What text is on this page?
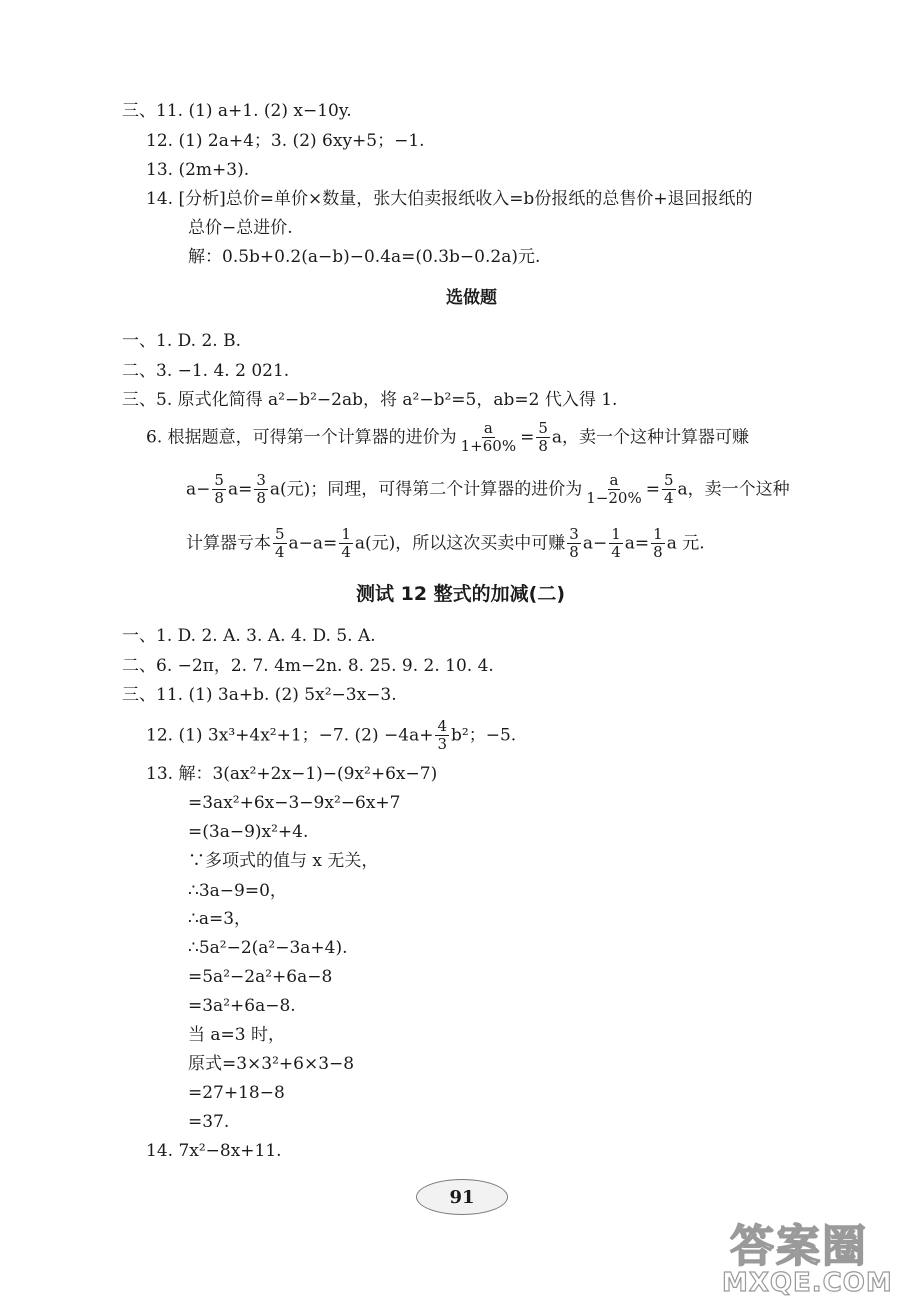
三、11. (1) a+1. (2) x−10y.
12. (1) 2a+4；3. (2) 6xy+5；−1.
13. (2m+3).
14. [分析]总价=单价×数量，张大伯卖报纸收入=b份报纸的总售价+退回报纸的
总价−总进价.
解：0.5b+0.2(a−b)−0.4a=(0.3b−0.2a)元.
选做题
一、1. D. 2. B.
二、3. −1. 4. 2 021.
三、5. 原式化简得 a²−b²−2ab，将 a²−b²=5，ab=2 代入得 1.
6. 根据题意，可得第一个计算器的进价为 $\frac{a}{1+60\%} = \frac{5}{8}$ a，卖一个这种计算器可赚
$a- \frac{5}{8} a= \frac{3}{8} a$(元)；同理，可得第二个计算器的进价为 $\frac{a}{1-20\%} = \frac{5}{4}$ a，卖一个这种
计算器亏本 $\frac{5}{4} a-a= \frac{1}{4} a$(元)，所以这次买卖中可赚 $\frac{3}{8} a- \frac{1}{4} a= \frac{1}{8}$ a 元.
测试 12 整式的加减(二)
一、1. D. 2. A. 3. A. 4. D. 5. A.
二、6. −2π，2. 7. 4m−2n. 8. 25. 9. 2. 10. 4.
三、11. (1) 3a+b. (2) 5x²−3x−3.
12. (1) 3x³+4x²+1；−7. $(2) -4a+ \frac{4}{3} b^2$；−5.
13. 解：3(ax²+2x−1)−(9x²+6x−7)
=3ax²+6x−3−9x²−6x+7
=(3a−9)x²+4.
∵多项式的值与 x 无关，
∴3a−9=0，
∴a=3，
∴5a²−2(a²−3a+4).
=5a²−2a²+6a−8
=3a²+6a−8.
当 a=3 时，
原式=3×3²+6×3−8
=27+18−8
=37.
14. 7x²−8x+11.
91
答案圈
MXQE.COM
